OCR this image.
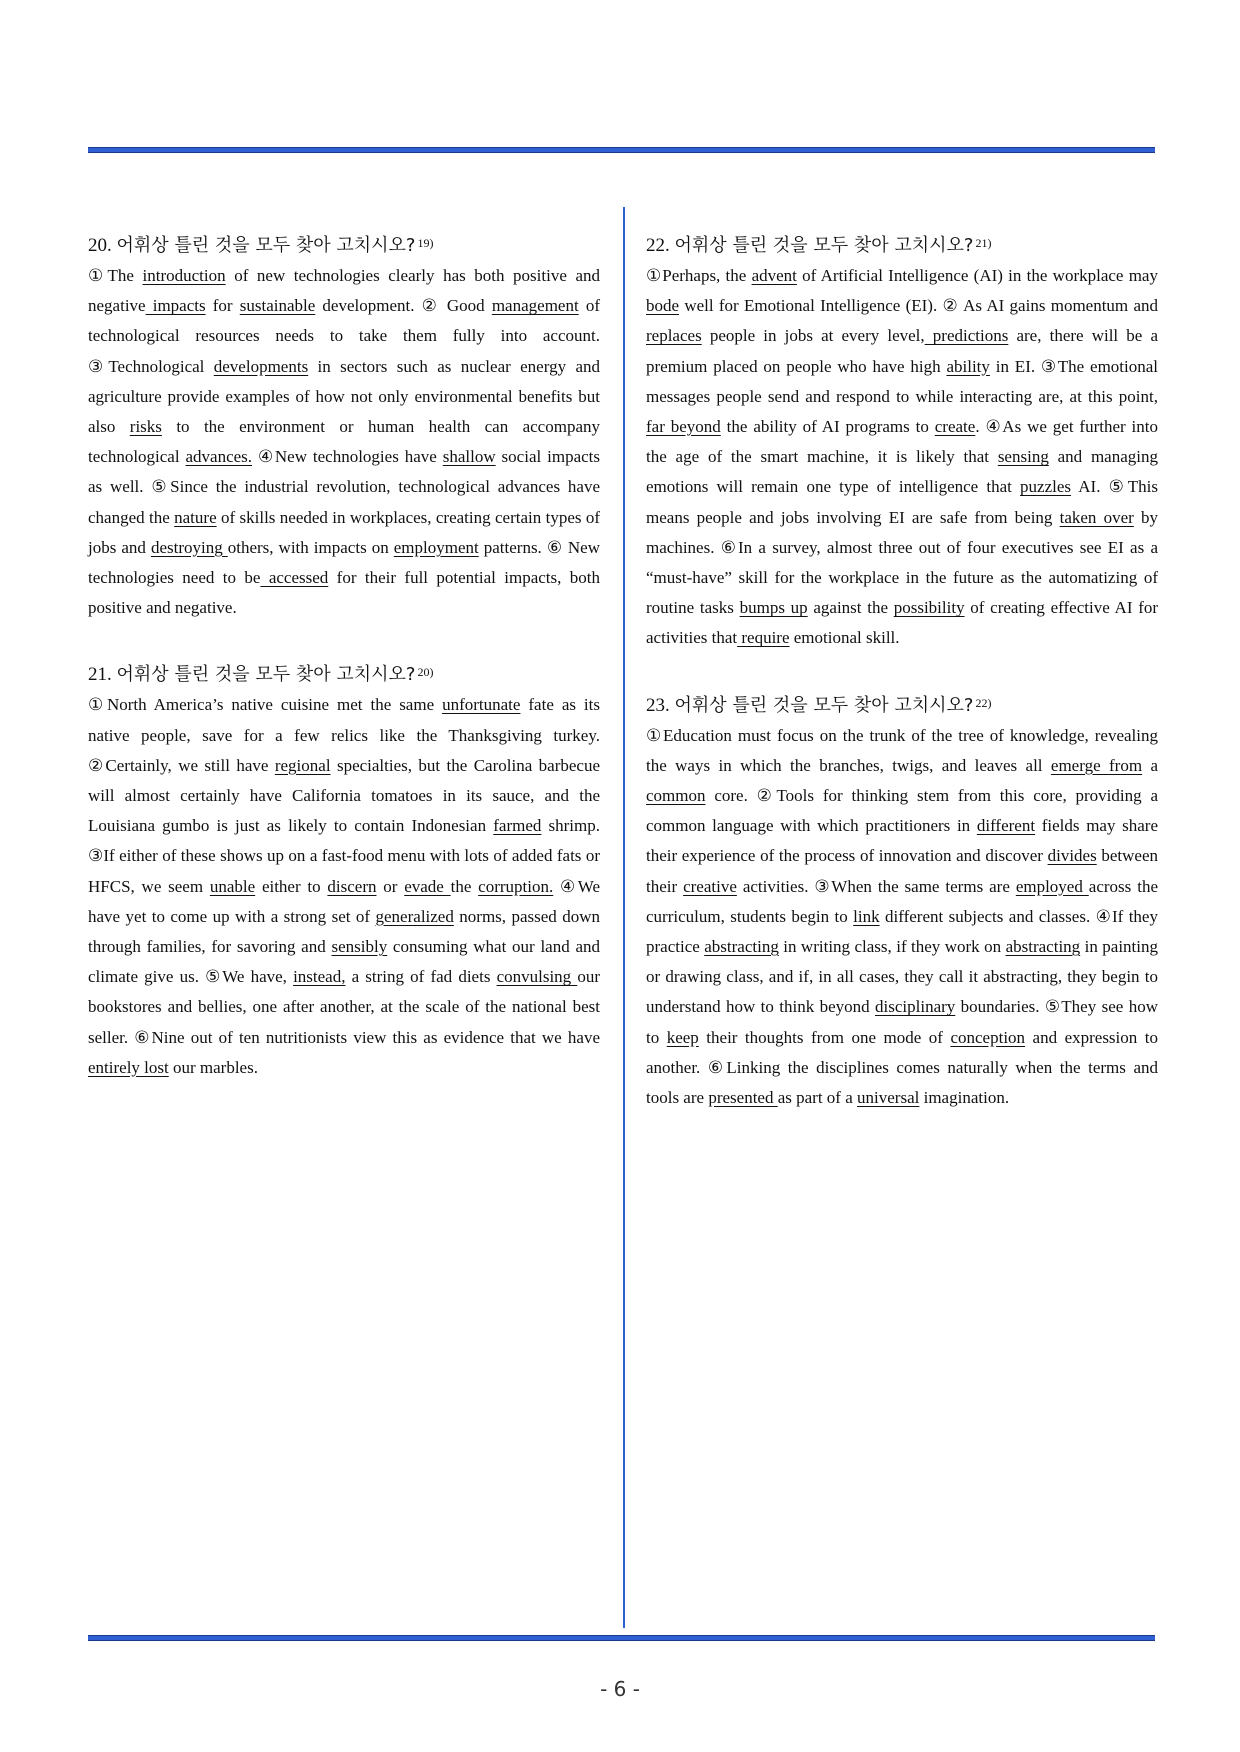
20. 어휘상 틀린 것을 모두 찾아 고치시오? $^{19)}$

①The introduction of new technologies clearly has both positive and negative impacts for sustainable development. ② Good management of technological resources needs to take them fully into account. ③Technological developments in sectors such as nuclear energy and agriculture provide examples of how not only environmental benefits but also risks to the environment or human health can accompany technological advances. ④New technologies have shallow social impacts as well. ⑤Since the industrial revolution, technological advances have changed the nature of skills needed in workplaces, creating certain types of jobs and destroying others, with impacts on employment patterns. ⑥ New technologies need to be accessed for their full potential impacts, both positive and negative.

21. 어휘상 틀린 것을 모두 찾아 고치시오? $^{20)}$

①North America’s native cuisine met the same unfortunate fate as its native people, save for a few relics like the Thanksgiving turkey. ②Certainly, we still have regional specialties, but the Carolina barbecue will almost certainly have California tomatoes in its sauce, and the Louisiana gumbo is just as likely to contain Indonesian farmed shrimp. ③If either of these shows up on a fast-food menu with lots of added fats or HFCS, we seem unable either to discern or evade the corruption. ④We have yet to come up with a strong set of generalized norms, passed down through families, for savoring and sensibly consuming what our land and climate give us. ⑤We have, instead, a string of fad diets convulsing our bookstores and bellies, one after another, at the scale of the national best seller. ⑥Nine out of ten nutritionists view this as evidence that we have entirely lost our marbles.

22. 어휘상 틀린 것을 모두 찾아 고치시오? $^{21)}$

①Perhaps, the advent of Artificial Intelligence (AI) in the workplace may bode well for Emotional Intelligence (EI). ② As AI gains momentum and replaces people in jobs at every level, predictions are, there will be a premium placed on people who have high ability in EI. ③The emotional messages people send and respond to while interacting are, at this point, far beyond the ability of AI programs to create. ④As we get further into the age of the smart machine, it is likely that sensing and managing emotions will remain one type of intelligence that puzzles AI. ⑤This means people and jobs involving EI are safe from being taken over by machines. ⑥In a survey, almost three out of four executives see EI as a “must-have” skill for the workplace in the future as the automatizing of routine tasks bumps up against the possibility of creating effective AI for activities that require emotional skill.

23. 어휘상 틀린 것을 모두 찾아 고치시오? $^{22)}$

①Education must focus on the trunk of the tree of knowledge, revealing the ways in which the branches, twigs, and leaves all emerge from a common core. ②Tools for thinking stem from this core, providing a common language with which practitioners in different fields may share their experience of the process of innovation and discover divides between their creative activities. ③When the same terms are employed across the curriculum, students begin to link different subjects and classes. ④If they practice abstracting in writing class, if they work on abstracting in painting or drawing class, and if, in all cases, they call it abstracting, they begin to understand how to think beyond disciplinary boundaries. ⑤They see how to keep their thoughts from one mode of conception and expression to another. ⑥Linking the disciplines comes naturally when the terms and tools are presented as part of a universal imagination.

- 6 -
